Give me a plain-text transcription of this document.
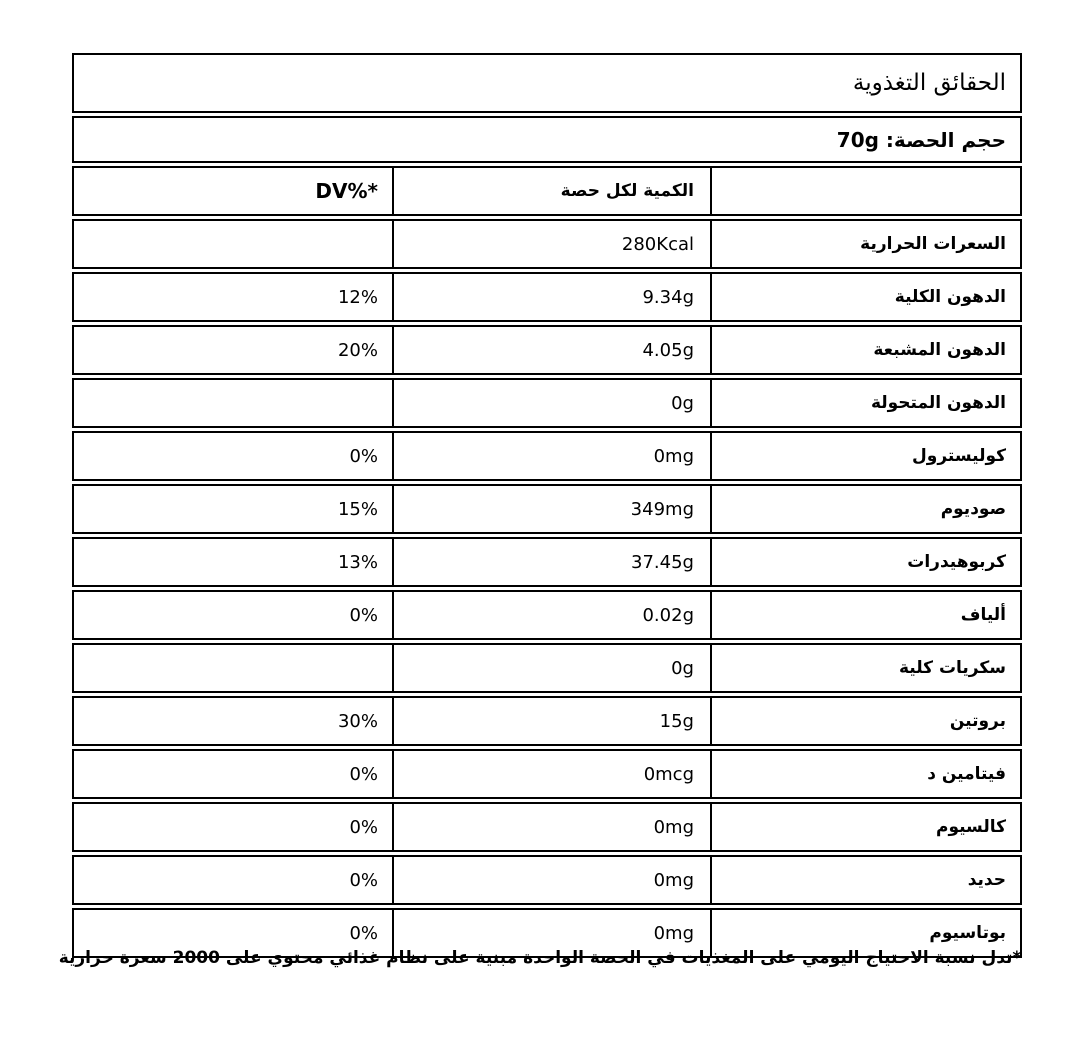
الحقائق التغذوية
حجم الحصة: 70g
الكمية لكل حصة
DV%*
السعرات الحرارية
280Kcal
الدهون الكلية
9.34g
12%
الدهون المشبعة
4.05g
20%
الدهون المتحولة
0g
كوليسترول
0mg
0%
صوديوم
349mg
15%
كربوهيدرات
37.45g
13%
ألياف
0.02g
0%
سكريات كلية
0g
بروتين
15g
30%
فيتامين د
0mcg
0%
كالسيوم
0mg
0%
حديد
0mg
0%
بوتاسيوم
0mg
0%
*تدل نسبة الاحتياج اليومي على المغذيات في الحصة الواحدة مبنية على نظام غذائي محتوي على 2000 سعرة حرارية
